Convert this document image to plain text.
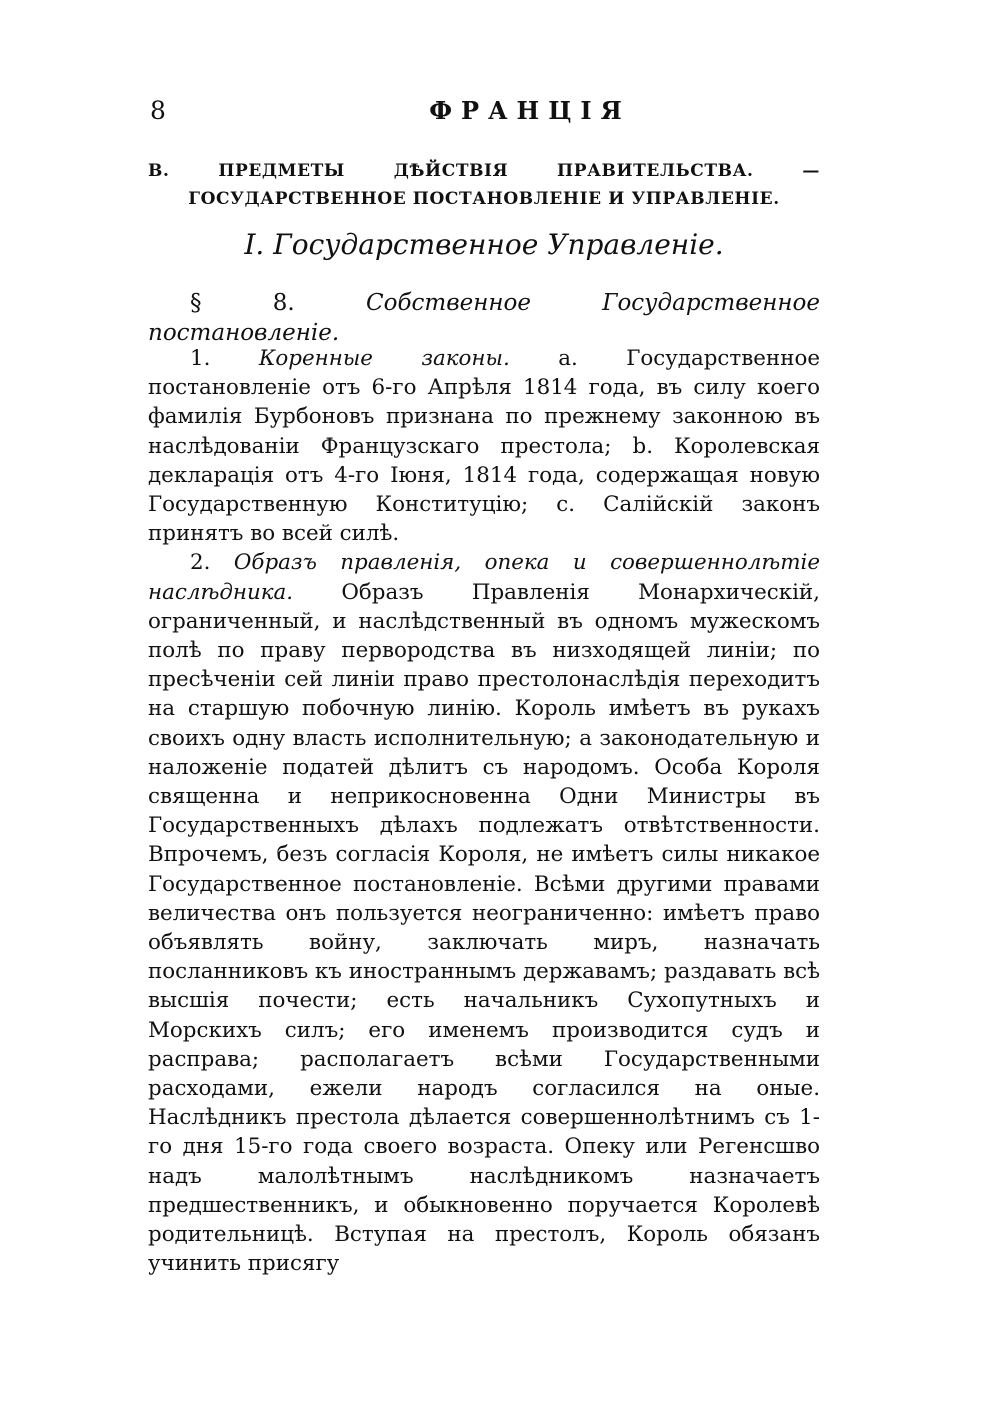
8	ФРАНЦІЯ
В. ПРЕДМЕТЫ ДѢЙСТВІЯ ПРАВИТЕЛЬСТВА. — ГОСУДАРСТВЕННОЕ ПОСТАНОВЛЕНІЕ И УПРАВЛЕНІЕ.
I. Государственное Управленіе.
§ 8.	Собственное Государственное постановленіе.

1. Коренные законы. а. Государственное постановленіе отъ 6-го Апрѣля 1814 года, въ силу коего фамилія Бурбоновъ признана по прежнему законною въ наслѣдованіи Французскаго престола; b. Королевская декларація отъ 4-го Іюня, 1814 года, содержащая новую Государственную Конституцію; c. Салійскій законъ принятъ во всей силѣ.

2. Образъ правленія, опека и совершеннолѣтіе наслѣдника. Образъ Правленія Монархическій, ограниченный, и наслѣдственный въ одномъ мужескомъ полѣ по праву первородства въ низходящей линіи; по пресѣченіи сей линіи право престолонаслѣдія переходитъ на старшую побочную линію. Король имѣетъ въ рукахъ своихъ одну власть исполнительную; а законодательную и наложеніе податей дѣлитъ съ народомъ. Особа Короля священна и неприкосновенна Одни Министры въ Государственныхъ дѣлахъ подлежатъ отвѣтственности. Впрочемъ, безъ согласія Короля, не имѣетъ силы никакое Государственное постановленіе. Всѣми другими правами величества онъ пользуется неограниченно: имѣетъ право объявлять войну, заключать миръ, назначать посланниковъ къ иностраннымъ державамъ; раздавать всѣ высшія почести; есть начальникъ Сухопутныхъ и Морскихъ силъ; его именемъ производится судъ и расправа; располагаетъ всѣми Государственными расходами, ежели народъ согласился на оные. Наслѣдникъ престола дѣлается совершеннолѣтнимъ съ 1-го дня 15-го года своего возраста. Опеку или Регенсшво надъ малолѣтнымъ наслѣдникомъ назначаетъ предшественникъ, и обыкновенно поручается Королевѣ родительницѣ. Вступая на престолъ, Король обязанъ учинить присягу
